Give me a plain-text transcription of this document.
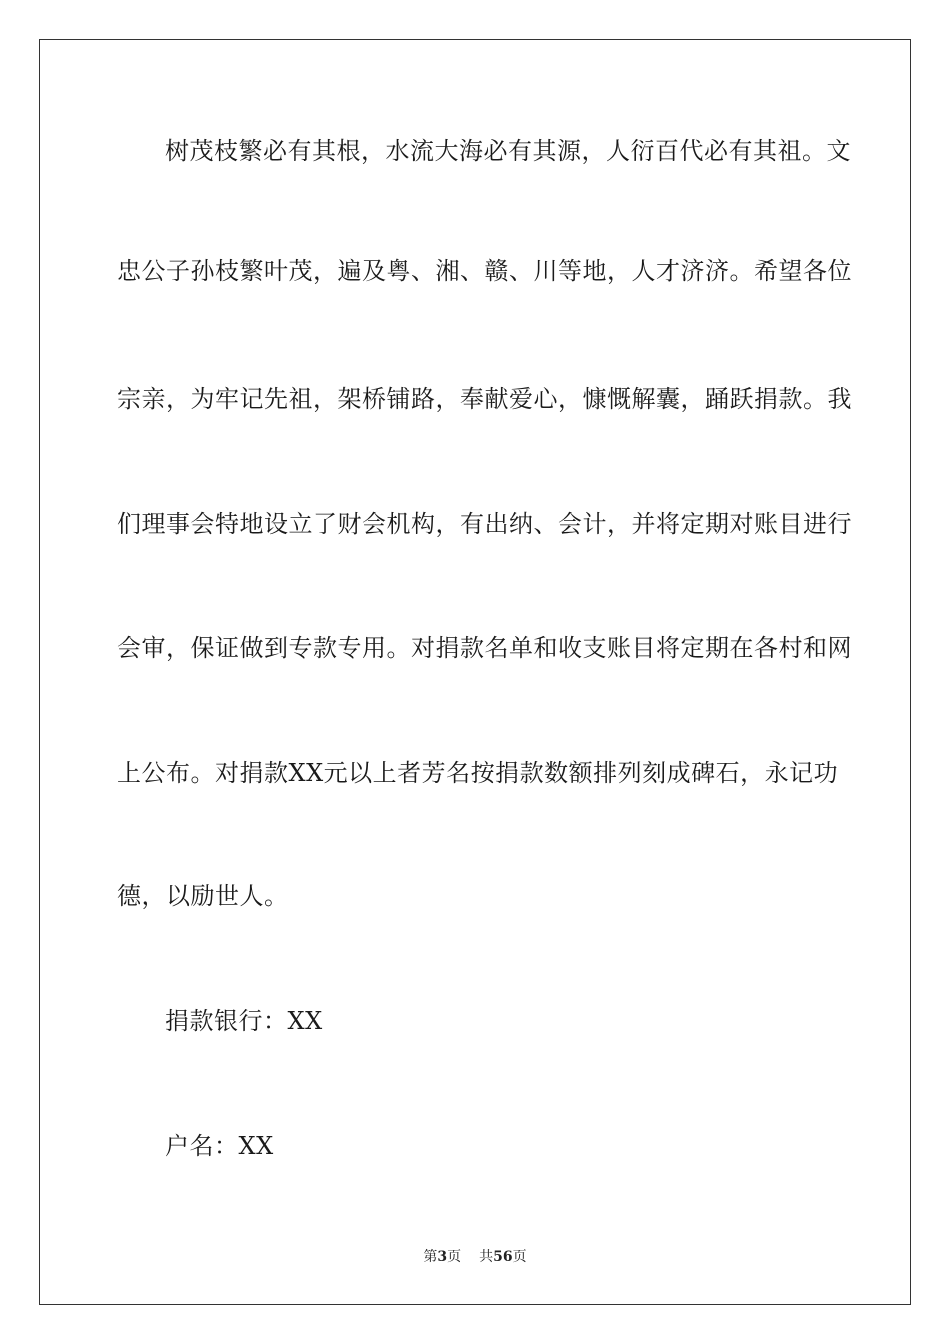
树茂枝繁必有其根，水流大海必有其源，人衍百代必有其祖。文
忠公子孙枝繁叶茂，遍及粤、湘、赣、川等地，人才济济。希望各位
宗亲，为牢记先祖，架桥铺路，奉献爱心，慷慨解囊，踊跃捐款。我
们理事会特地设立了财会机构，有出纳、会计，并将定期对账目进行
会审，保证做到专款专用。对捐款名单和收支账目将定期在各村和网
上公布。对捐款XX元以上者芳名按捐款数额排列刻成碑石，永记功
德，以励世人。
捐款银行：XX
户名：XX
第3页 共56页
